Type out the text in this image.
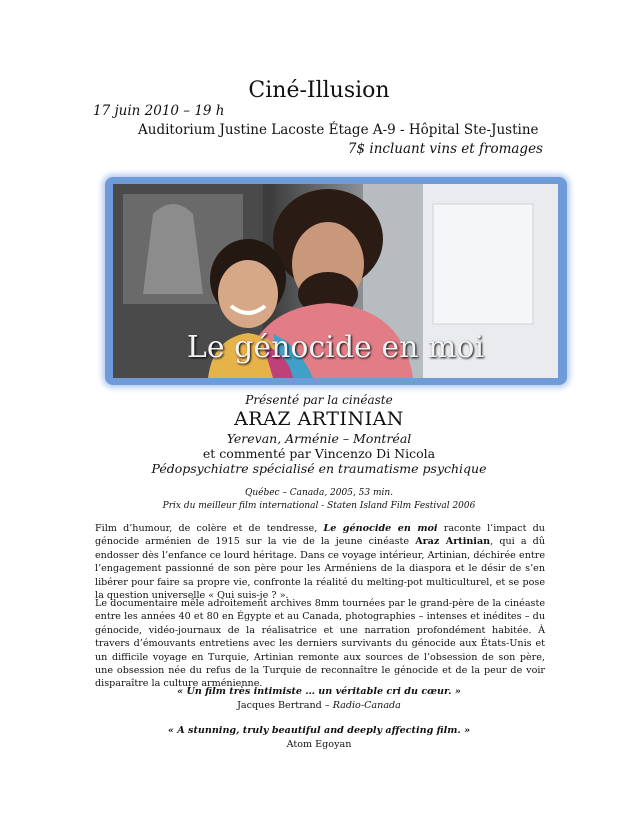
Ciné-Illusion
17 juin 2010 – 19 h
Auditorium Justine Lacoste Étage A-9 - Hôpital Ste-Justine
7$ incluant vins et fromages
Le génocide en moi
Présenté par la cinéaste
ARAZ ARTINIAN
Yerevan, Arménie – Montréal
et commenté par Vincenzo Di Nicola
Pédopsychiatre spécialisé en traumatisme psychique
Québec – Canada, 2005, 53 min.
Prix du meilleur film international - Staten Island Film Festival 2006
Film d’humour, de colère et de tendresse, Le génocide en moi raconte l’impact du génocide arménien de 1915 sur la vie de la jeune cinéaste Araz Artinian, qui a dû endosser dès l’enfance ce lourd héritage. Dans ce voyage intérieur, Artinian, déchirée entre l’engagement passionné de son père pour les Arméniens de la diaspora et le désir de s’en libérer pour faire sa propre vie, confronte la réalité du melting-pot multiculturel, et se pose la question universelle « Qui suis-je ? ».
Le documentaire mêle adroitement archives 8mm tournées par le grand-père de la cinéaste entre les années 40 et 80 en Égypte et au Canada, photographies – intenses et inédites – du génocide, vidéo-journaux de la réalisatrice et une narration profondément habitée. À travers d’émouvants entretiens avec les derniers survivants du génocide aux États-Unis et un difficile voyage en Turquie, Artinian remonte aux sources de l’obsession de son père, une obsession née du refus de la Turquie de reconnaître le génocide et de la peur de voir disparaître la culture arménienne.
« Un film très intimiste … un véritable cri du cœur. »
Jacques Bertrand – Radio-Canada
« A stunning, truly beautiful and deeply affecting film. »
Atom Egoyan
